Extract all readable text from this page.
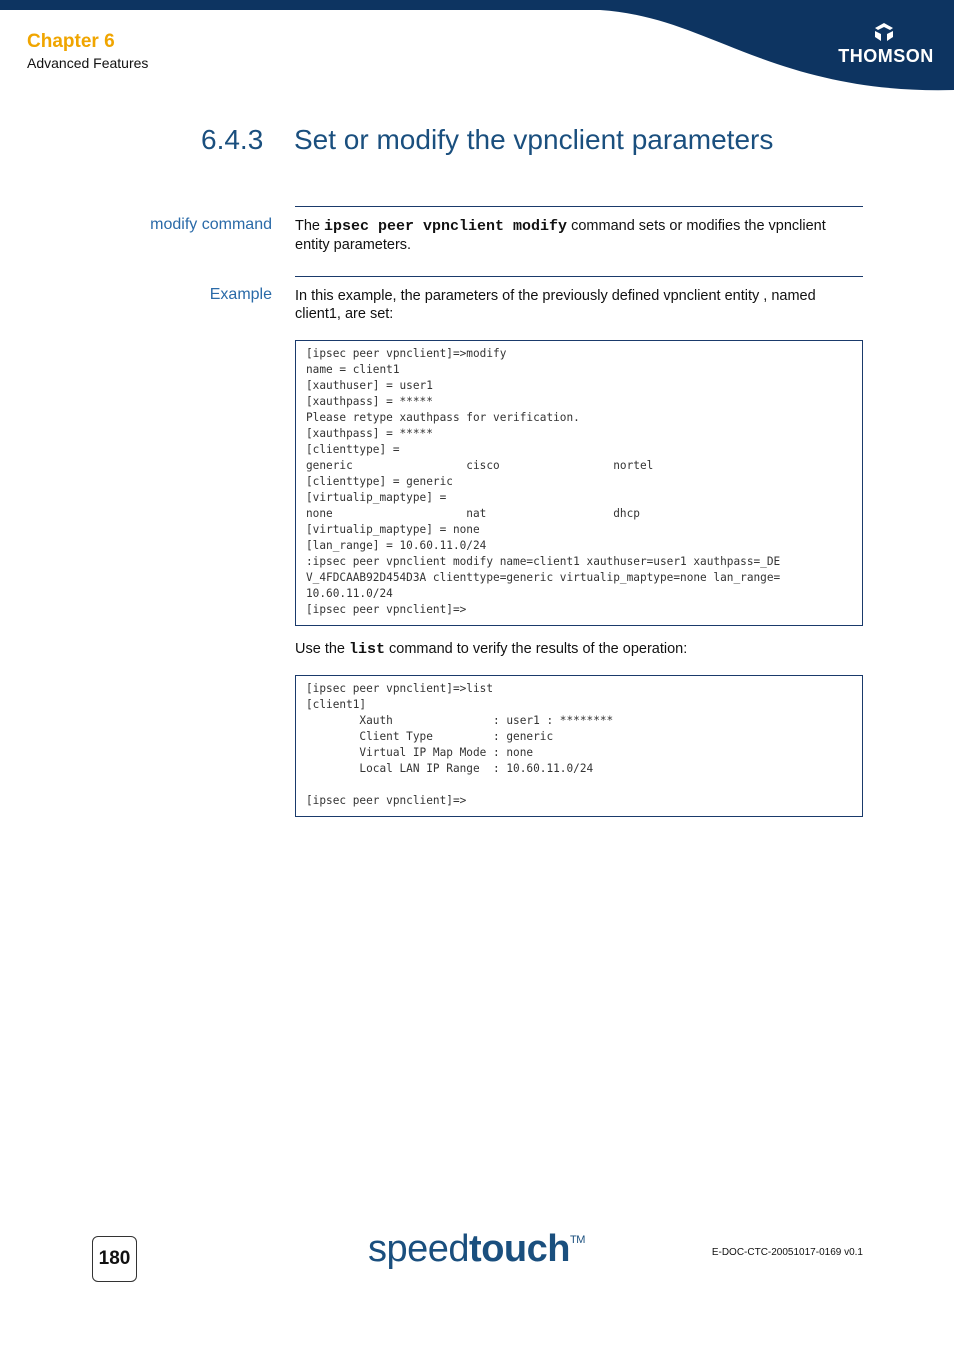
Chapter 6
Advanced Features	THOMSON
6.4.3 Set or modify the vpnclient parameters
modify command The ipsec peer vpnclient modify command sets or modifies the vpnclient entity parameters.
Example In this example, the parameters of the previously defined vpnclient entity , named client1, are set:
[ipsec peer vpnclient]=>modify
name = client1
[xauthuser] = user1
[xauthpass] = *****
Please retype xauthpass for verification.
[xauthpass] = *****
[clienttype] =
generic                 cisco                 nortel
[clienttype] = generic
[virtualip_maptype] =
none                    nat                   dhcp
[virtualip_maptype] = none
[lan_range] = 10.60.11.0/24
:ipsec peer vpnclient modify name=client1 xauthuser=user1 xauthpass=_DE
V_4FDCAAB92D454D3A clienttype=generic virtualip_maptype=none lan_range=
10.60.11.0/24
[ipsec peer vpnclient]=>
Use the list command to verify the results of the operation:
[ipsec peer vpnclient]=>list
[client1]
Xauth               : user1 : ********
Client Type         : generic
Virtual IP Map Mode : none
Local LAN IP Range  : 10.60.11.0/24

[ipsec peer vpnclient]=>
180	speedtouch™
E-DOC-CTC-20051017-0169 v0.1
